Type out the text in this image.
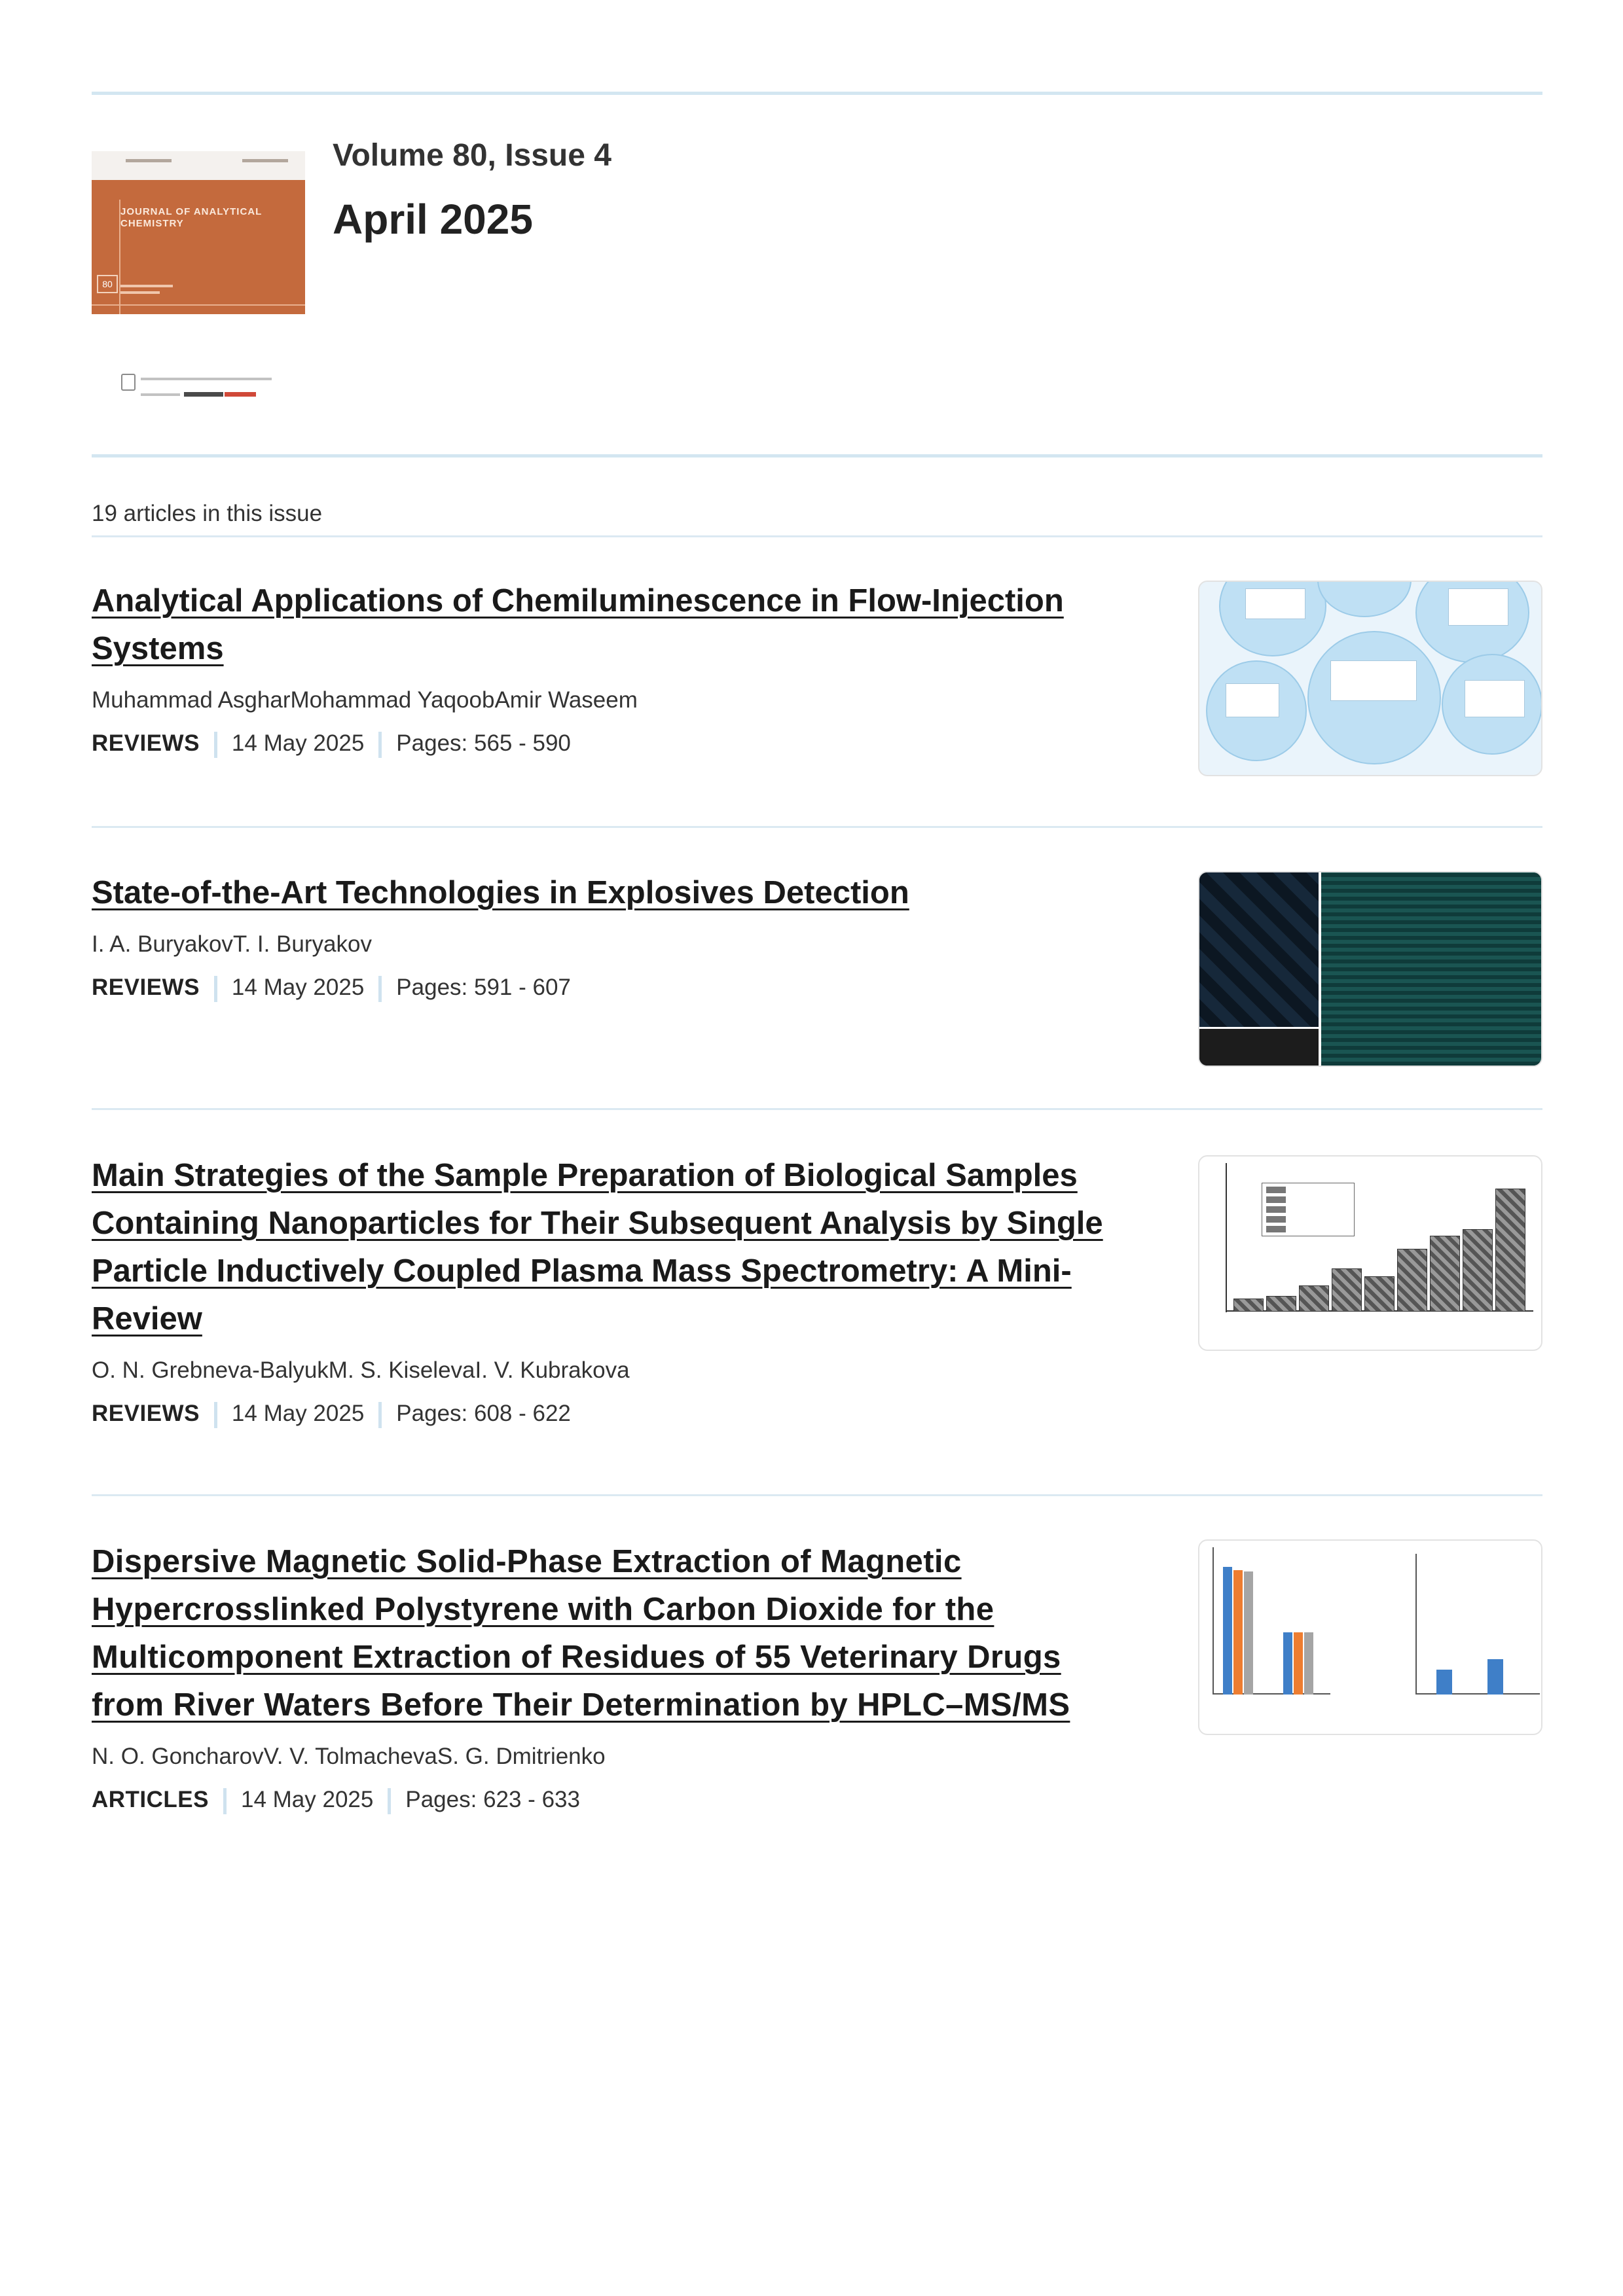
JOURNAL OF ANALYTICAL CHEMISTRY
80
Volume 80, Issue 4
April 2025
19 articles in this issue
Analytical Applications of Chemiluminescence in Flow-Injection Systems
Muhammad AsgharMohammad YaqoobAmir Waseem
REVIEWS 14 May 2025 Pages: 565 - 590
State-of-the-Art Technologies in Explosives Detection
I. A. BuryakovT. I. Buryakov
REVIEWS 14 May 2025 Pages: 591 - 607
Main Strategies of the Sample Preparation of Biological Samples Containing Nanoparticles for Their Subsequent Analysis by Single Particle Inductively Coupled Plasma Mass Spectrometry: A Mini-Review
O. N. Grebneva-BalyukM. S. KiselevaI. V. Kubrakova
REVIEWS 14 May 2025 Pages: 608 - 622
Dispersive Magnetic Solid-Phase Extraction of Magnetic Hypercrosslinked Polystyrene with Carbon Dioxide for the Multicomponent Extraction of Residues of 55 Veterinary Drugs from River Waters Before Their Determination by HPLC–MS/MS
N. O. GoncharovV. V. TolmachevaS. G. Dmitrienko
ARTICLES 14 May 2025 Pages: 623 - 633
